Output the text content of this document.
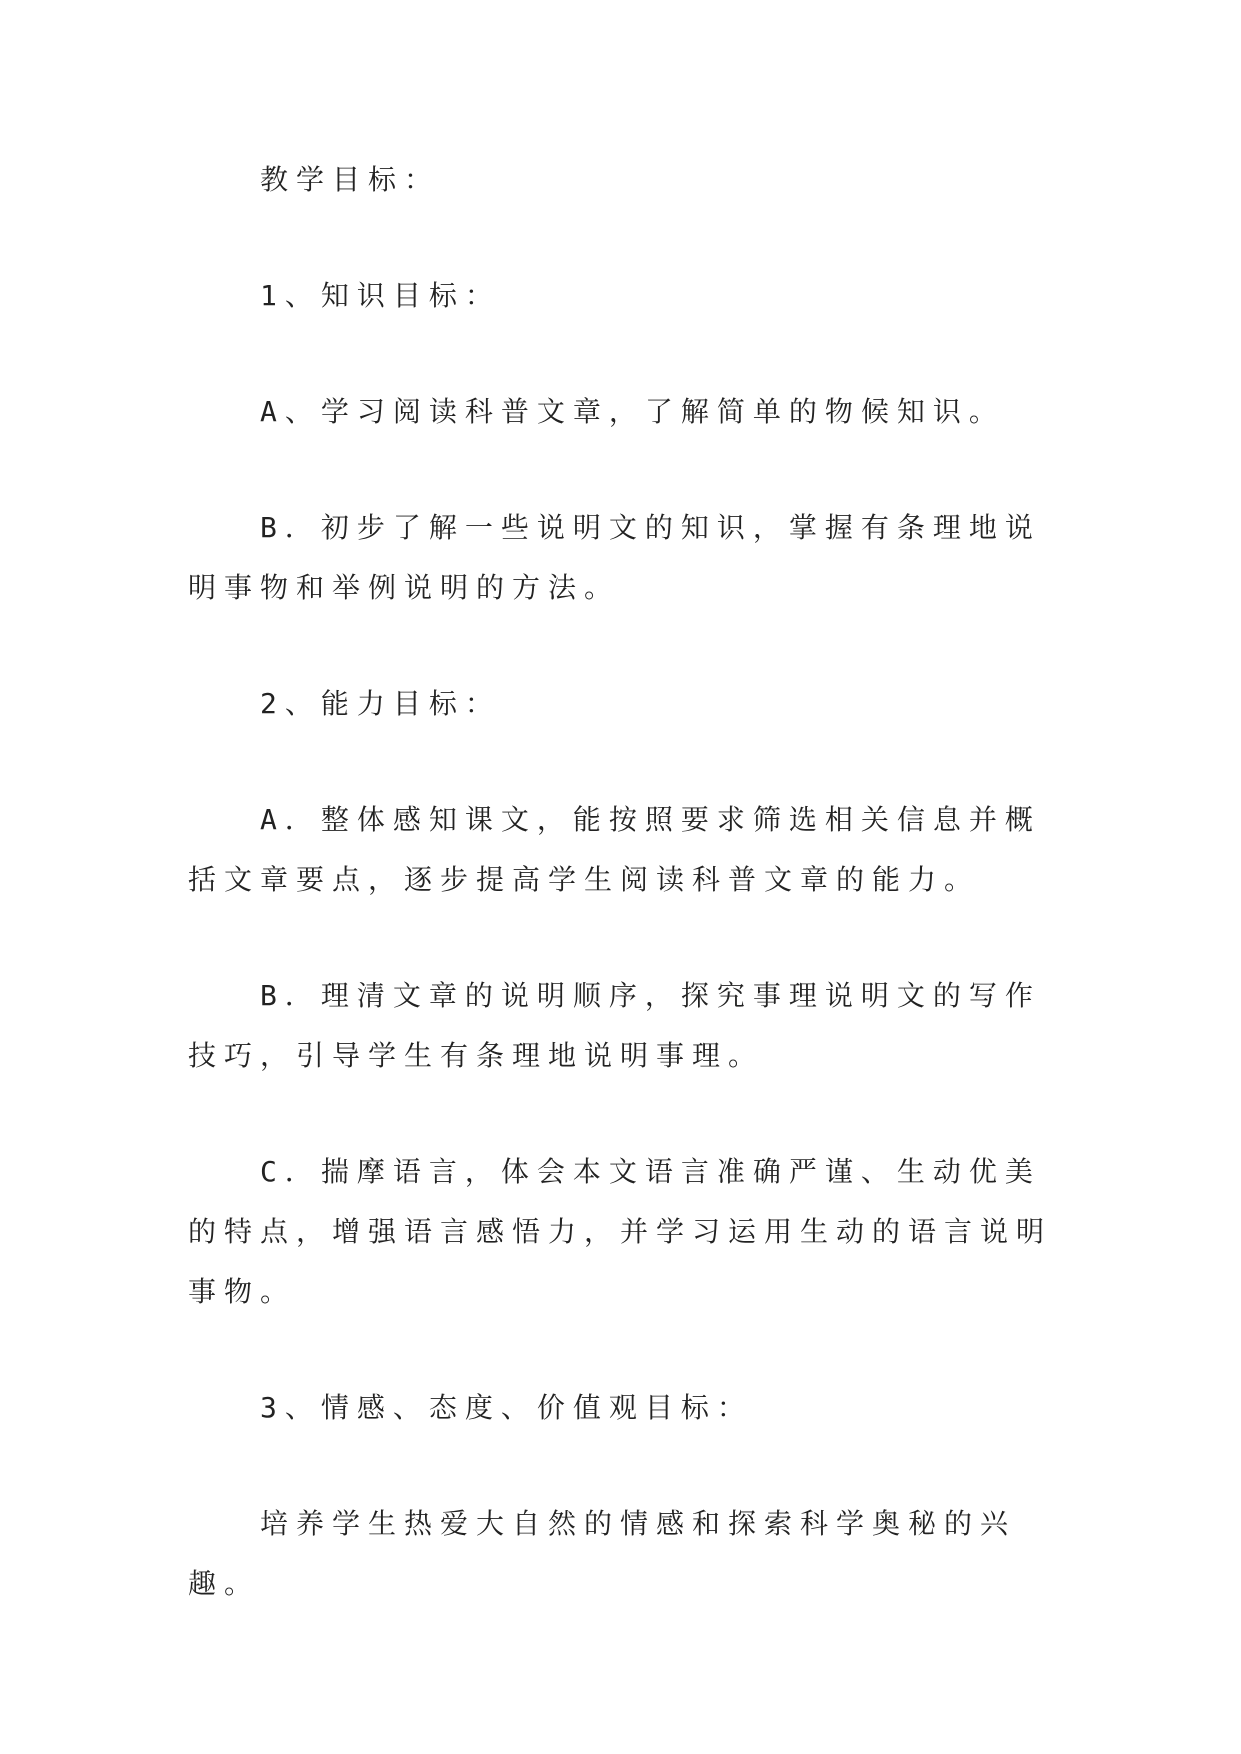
教学目标：

1、知识目标：

A、学习阅读科普文章，了解简单的物候知识。

B．初步了解一些说明文的知识，掌握有条理地说明事物和举例说明的方法。

2、能力目标：

A．整体感知课文，能按照要求筛选相关信息并概括文章要点，逐步提高学生阅读科普文章的能力。

B．理清文章的说明顺序，探究事理说明文的写作技巧，引导学生有条理地说明事理。

C．揣摩语言，体会本文语言准确严谨、生动优美的特点，增强语言感悟力，并学习运用生动的语言说明事物。

3、情感、态度、价值观目标：

培养学生热爱大自然的情感和探索科学奥秘的兴趣。
